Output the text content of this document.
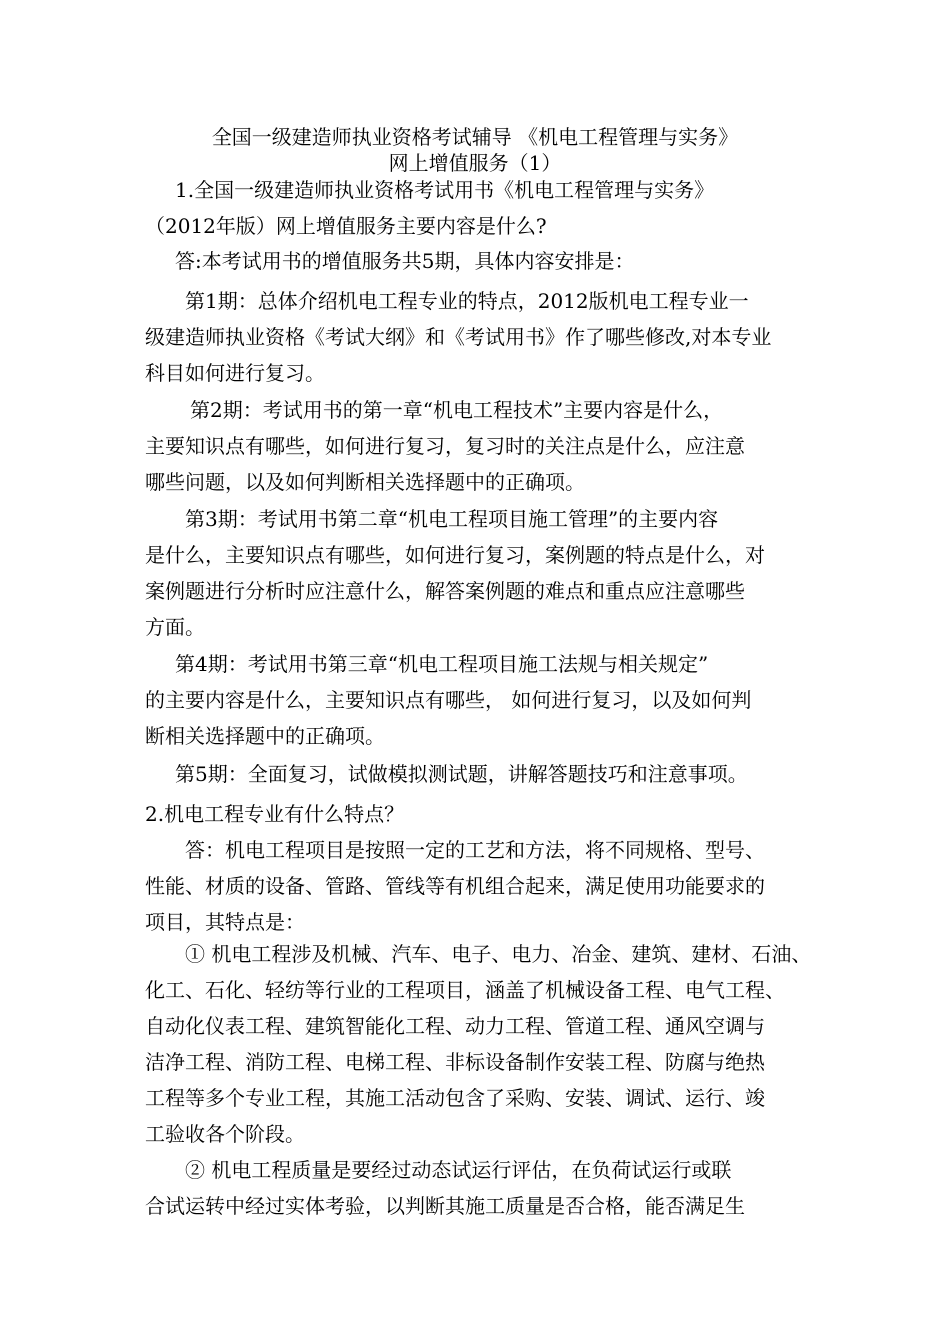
全国一级建造师执业资格考试辅导 《机电工程管理与实务》
网上增值服务（1）
1.全国一级建造师执业资格考试用书《机电工程管理与实务》
（2012年版）网上增值服务主要内容是什么?
答:本考试用书的增值服务共5期，具体内容安排是：
第1期：总体介绍机电工程专业的特点，2012版机电工程专业一
级建造师执业资格《考试大纲》和《考试用书》作了哪些修改,对本专业
科目如何进行复习。
第2期：考试用书的第一章“机电工程技术”主要内容是什么，
主要知识点有哪些，如何进行复习，复习时的关注点是什么，应注意
哪些问题，以及如何判断相关选择题中的正确项。
第3期：考试用书第二章“机电工程项目施工管理”的主要内容
是什么，主要知识点有哪些，如何进行复习，案例题的特点是什么，对
案例题进行分析时应注意什么，解答案例题的难点和重点应注意哪些
方面。
第4期：考试用书第三章“机电工程项目施工法规与相关规定”
的主要内容是什么，主要知识点有哪些， 如何进行复习，以及如何判
断相关选择题中的正确项。
第5期：全面复习，试做模拟测试题，讲解答题技巧和注意事项。
2.机电工程专业有什么特点？
答：机电工程项目是按照一定的工艺和方法，将不同规格、型号、
性能、材质的设备、管路、管线等有机组合起来，满足使用功能要求的
项目，其特点是：
① 机电工程涉及机械、汽车、电子、电力、冶金、建筑、建材、石油、
化工、石化、轻纺等行业的工程项目，涵盖了机械设备工程、电气工程、
自动化仪表工程、建筑智能化工程、动力工程、管道工程、通风空调与
洁净工程、消防工程、电梯工程、非标设备制作安装工程、防腐与绝热
工程等多个专业工程，其施工活动包含了采购、安装、调试、运行、竣
工验收各个阶段。
② 机电工程质量是要经过动态试运行评估，在负荷试运行或联
合试运转中经过实体考验，以判断其施工质量是否合格，能否满足生
